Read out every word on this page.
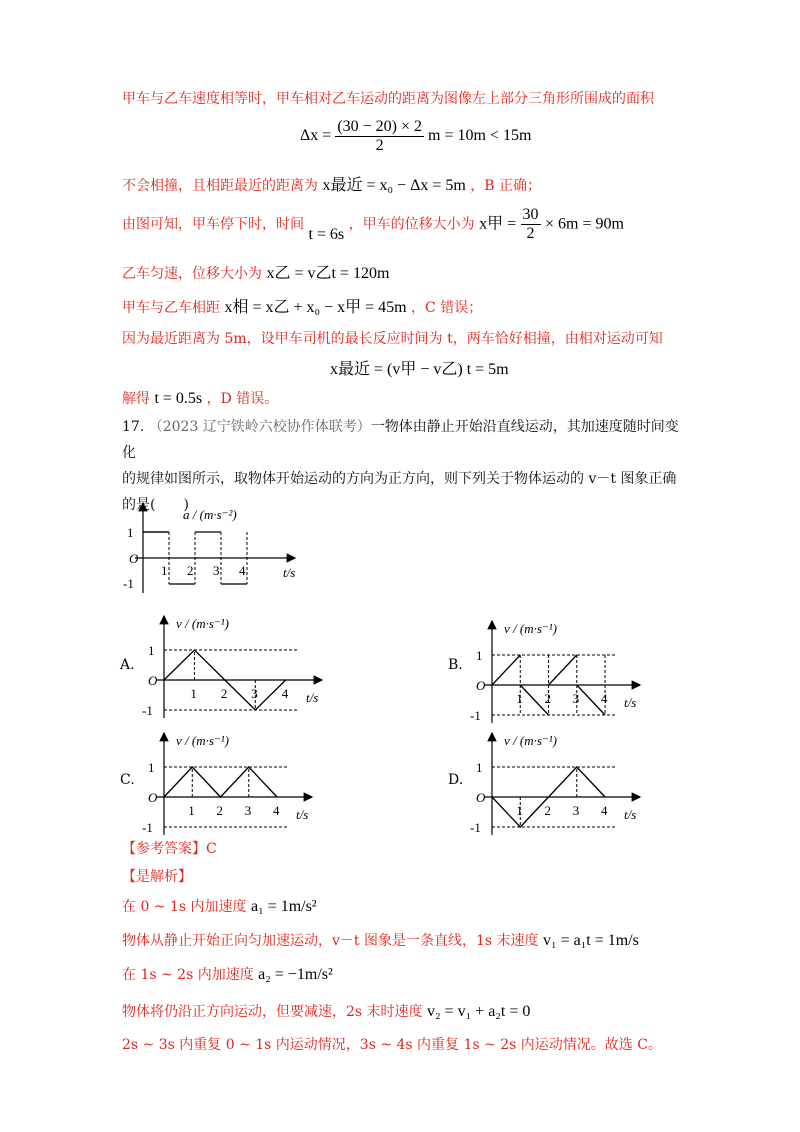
甲车与乙车速度相等时，甲车相对乙车运动的距离为图像左上部分三角形所围成的面积
$\Delta x = \frac{(30 - 20) \times 2}{2}$ m = 10m < 15m
不会相撞，且相距最近的距离为 x最近 = x₀ − Δx = 5m ，B 正确；
由图可知，甲车停下时，时间 t = 6s ，甲车的位移大小为 x甲 = $\frac{30}{2} \times 6m = 90m$
乙车匀速，位移大小为 x乙 = v乙t = 120m
甲车与乙车相距 x相 = x乙 + x₀ − x甲 = 45m ，C 错误；
因为最近距离为 5m，设甲车司机的最长反应时间为 t，两车恰好相撞，由相对运动可知
x最近 = (v甲 − v乙) t = 5m
解得 t = 0.5s ，D 错误。
17. （2023 辽宁铁岭六校协作体联考）一物体由静止开始沿直线运动，其加速度随时间变化
的规律如图所示，取物体开始运动的方向为正方向，则下列关于物体运动的 v－t 图象正确
的是(　　)
a / (m·s⁻²)
t/s
O
1
-1
1 2 3 4
A.
v / (m·s⁻¹)
t/s
O
1
-1
1 2 3 4
B.
v / (m·s⁻¹)
t/s
O
1
-1
1 2 3 4
C.
v / (m·s⁻¹)
t/s
O
1
-1
1 2 3 4
D.
v / (m·s⁻¹)
t/s
O
1
-1
1 2 3 4
【参考答案】C
【是解析】
在 0 ~ 1s 内加速度 a₁ = 1m/s²
物体从静止开始正向匀加速运动，v－t 图象是一条直线，1s 末速度 v₁ = a₁t = 1m/s
在 1s ~ 2s 内加速度 a₂ = −1m/s²
物体将仍沿正方向运动，但要减速，2s 末时速度 v₂ = v₁ + a₂t = 0
2s ~ 3s 内重复 0 ~ 1s 内运动情况，3s ~ 4s 内重复 1s ~ 2s 内运动情况。故选 C。
